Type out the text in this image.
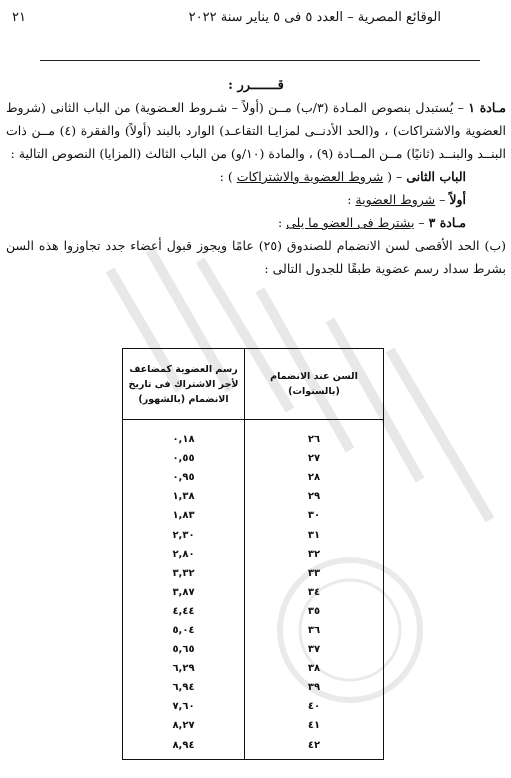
الوقائع المصرية – العدد ٥ فى ٥ يناير سنة ٢٠٢٢
٢١
قـــــــرر :

مـادة ١ – يُستبدل بنصوص المـادة (٣/ب) مــن (أولاً – شـروط العـضوية) من الباب الثانى (شروط العضوية والاشتراكات) ، و(الحد الأدنــى لمزايـا التقاعـد) الوارد بالبند (أولاً) والفقرة (٤) مــن ذات البنــد والبنــد (ثانيًا) مــن المــادة (٩) ، والمادة (١٠/و) من الباب الثالث (المزايا) النصوص التالية :

الباب الثانى – ( شروط العضوية والاشتراكات ) :

أولاً – شروط العضوية :

مـادة ٣ – يشترط فى العضو ما يلى :

(ب) الحد الأقصى لسن الانضمام للصندوق (٢٥) عامًا ويجوز قبول أعضاء جدد تجاوزوا هذه السن بشرط سداد رسم عضوية طبقًا للجدول التالى :

السن عند الانضمام (بالسنوات)	رسم العضوية كمضاعف لأجر الاشتراك فى تاريخ الانضمام (بالشهور)
٢٦	٠,١٨
٢٧	٠,٥٥
٢٨	٠,٩٥
٢٩	١,٣٨
٣٠	١,٨٣
٣١	٢,٣٠
٣٢	٢,٨٠
٣٣	٣,٣٢
٣٤	٣,٨٧
٣٥	٤,٤٤
٣٦	٥,٠٤
٣٧	٥,٦٥
٣٨	٦,٢٩
٣٩	٦,٩٤
٤٠	٧,٦٠
٤١	٨,٢٧
٤٢	٨,٩٤
